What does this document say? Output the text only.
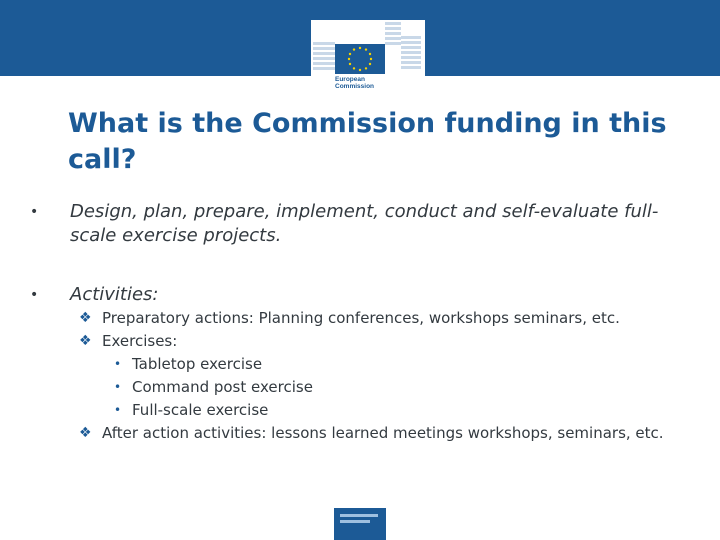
European
Commission
What is the Commission funding in this call?
• Design, plan, prepare, implement, conduct and self-evaluate full-scale exercise projects.
• Activities:
❖ Preparatory actions: Planning conferences, workshops seminars, etc.
❖ Exercises:
• Tabletop exercise
• Command post exercise
• Full-scale exercise
❖ After action activities: lessons learned meetings workshops, seminars, etc.
